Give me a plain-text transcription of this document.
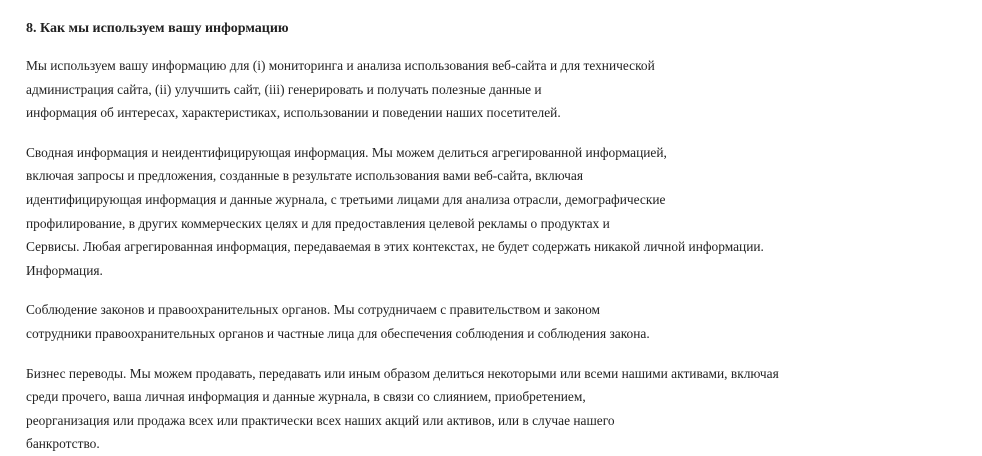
8. Как мы используем вашу информацию
Мы используем вашу информацию для (i) мониторинга и анализа использования веб-сайта и для технической
администрация сайта, (ii) улучшить сайт, (iii) генерировать и получать полезные данные и
информация об интересах, характеристиках, использовании и поведении наших посетителей.
Сводная информация и неидентифицирующая информация. Мы можем делиться агрегированной информацией,
включая запросы и предложения, созданные в результате использования вами веб-сайта, включая
идентифицирующая информация и данные журнала, с третьими лицами для анализа отрасли, демографические
профилирование, в других коммерческих целях и для предоставления целевой рекламы о продуктах и
Сервисы. Любая агрегированная информация, передаваемая в этих контекстах, не будет содержать никакой личной информации.
Информация.
Соблюдение законов и правоохранительных органов. Мы сотрудничаем с правительством и законом
сотрудники правоохранительных органов и частные лица для обеспечения соблюдения и соблюдения закона.
Бизнес переводы. Мы можем продавать, передавать или иным образом делиться некоторыми или всеми нашими активами, включая
среди прочего, ваша личная информация и данные журнала, в связи со слиянием, приобретением,
реорганизация или продажа всех или практически всех наших акций или активов, или в случае нашего
банкротство.
